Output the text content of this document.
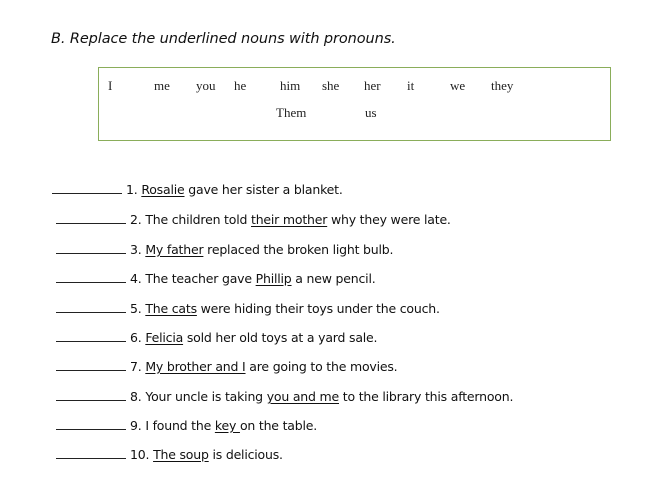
B. Replace the underlined nouns with pronouns.
I	me you he	him she her it	we they
Them	us
1. Rosalie gave her sister a blanket.
2. The children told their mother why they were late.
3. My father replaced the broken light bulb.
4. The teacher gave Phillip a new pencil.
5. The cats were hiding their toys under the couch.
6. Felicia sold her old toys at a yard sale.
7. My brother and I are going to the movies.
8. Your uncle is taking you and me to the library this afternoon.
9. I found the key on the table.
10. The soup is delicious.
